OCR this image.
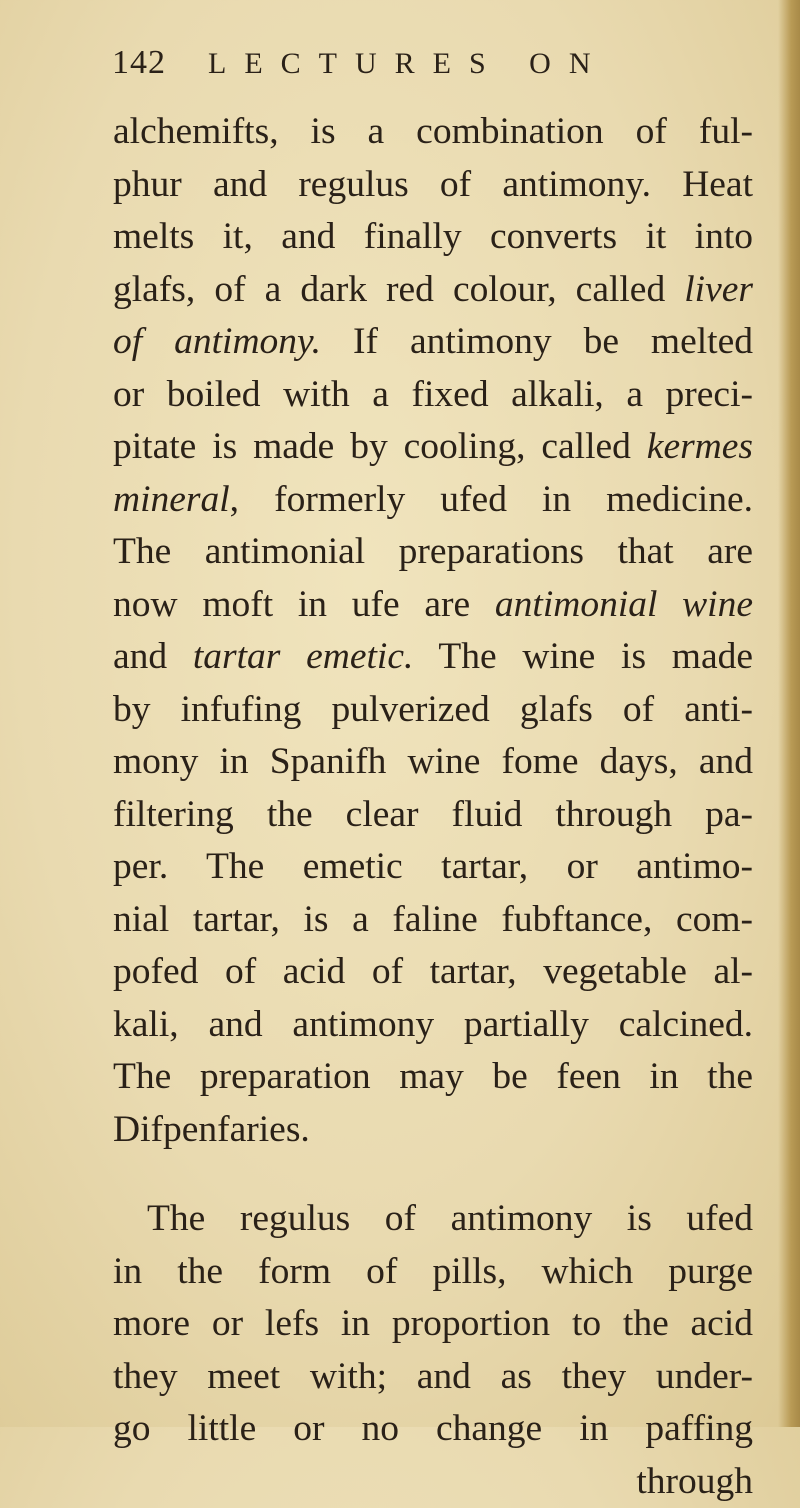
142 LECTURES ON
alchemifts, is a combination of ful-
phur and regulus of antimony. Heat
melts it, and finally converts it into
glafs, of a dark red colour, called liver
of antimony. If antimony be melted
or boiled with a fixed alkali, a preci-
pitate is made by cooling, called kermes
mineral, formerly ufed in medicine.
The antimonial preparations that are
now moft in ufe are antimonial wine
and tartar emetic. The wine is made
by infufing pulverized glafs of anti-
mony in Spanifh wine fome days, and
filtering the clear fluid through pa-
per. The emetic tartar, or antimo-
nial tartar, is a faline fubftance, com-
pofed of acid of tartar, vegetable al-
kali, and antimony partially calcined.
The preparation may be feen in the
Difpenfaries.
The regulus of antimony is ufed
in the form of pills, which purge
more or lefs in proportion to the acid
they meet with; and as they under-
go little or no change in paffing
through
